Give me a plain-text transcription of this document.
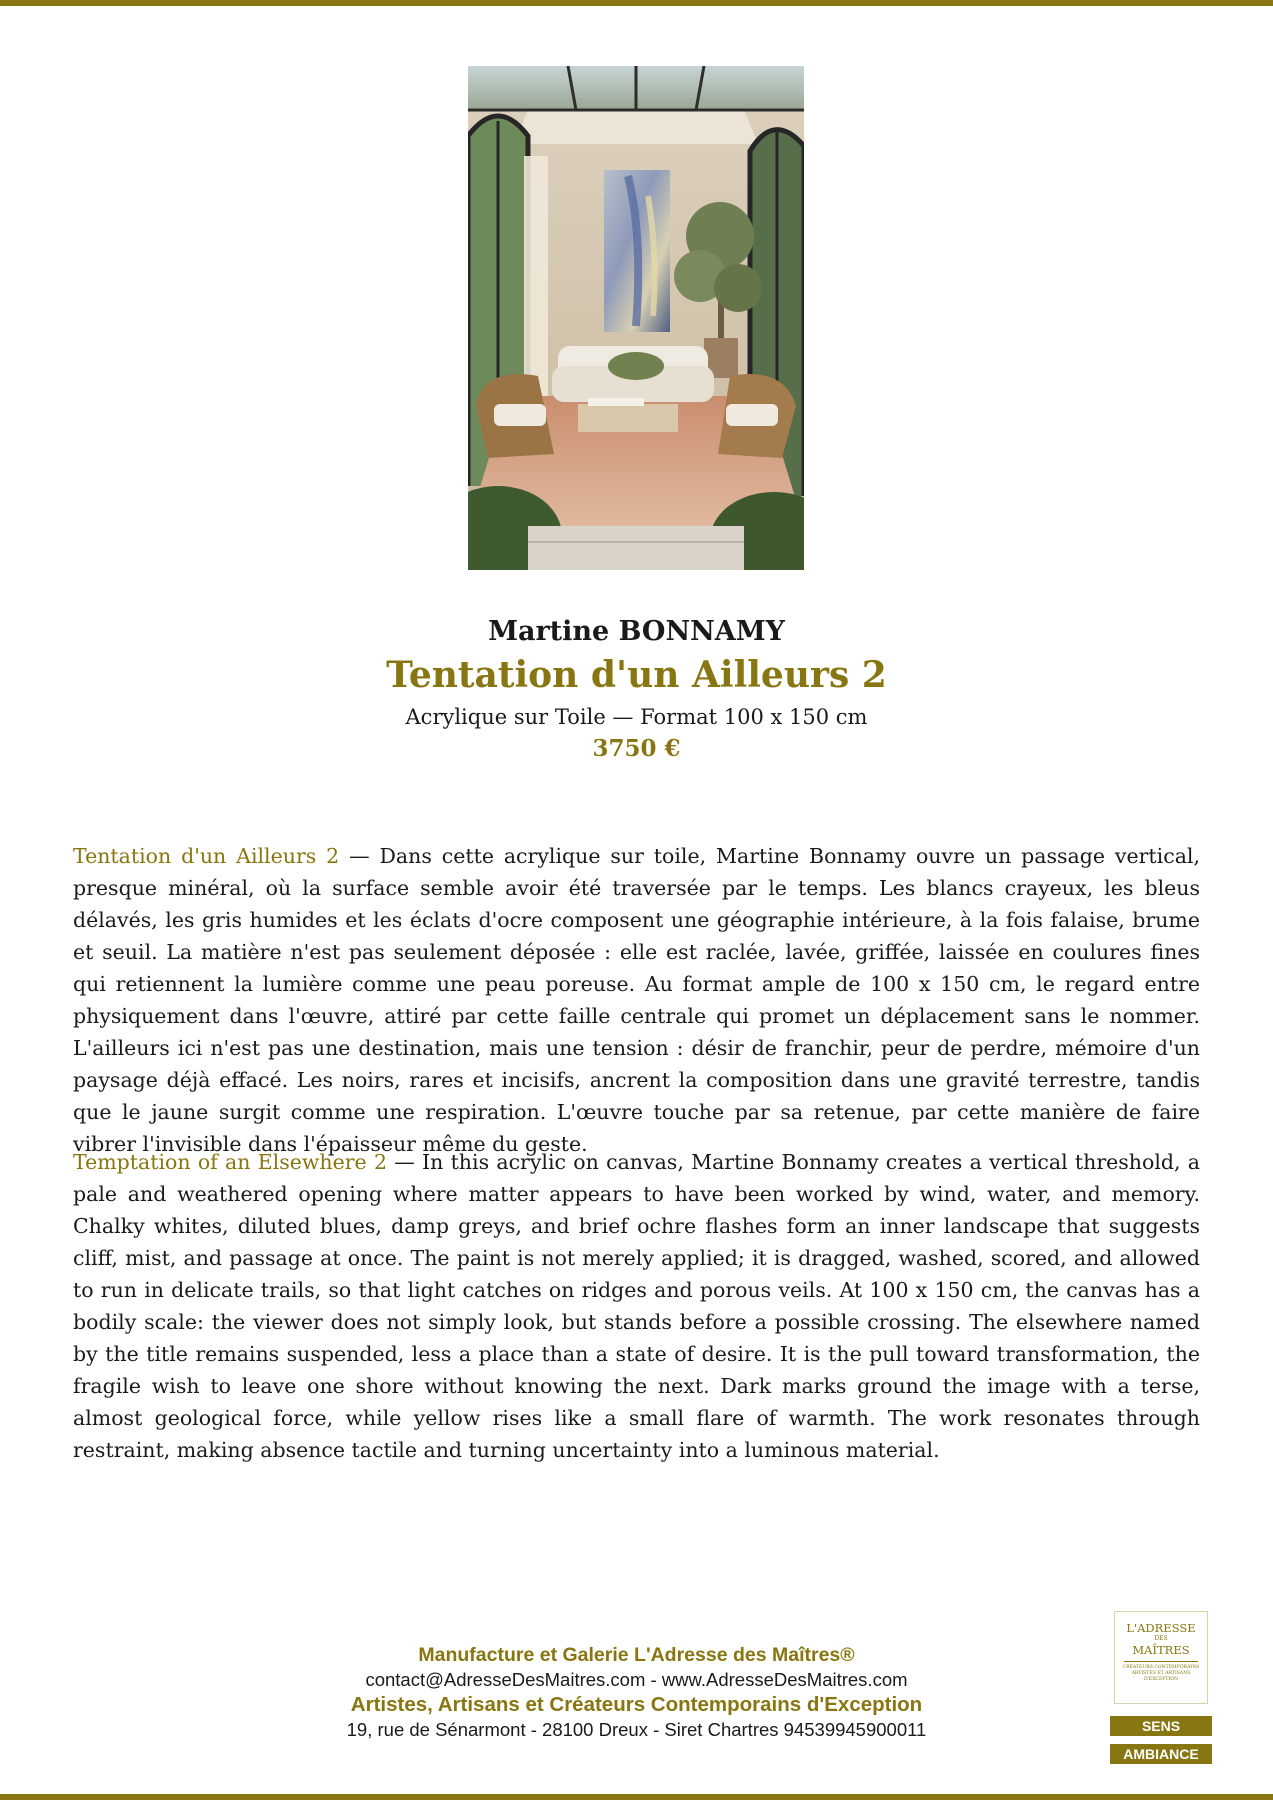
Martine BONNAMY
Tentation d'un Ailleurs 2
Acrylique sur Toile — Format 100 x 150 cm
3750 €

Tentation d'un Ailleurs 2 — Dans cette acrylique sur toile, Martine Bonnamy ouvre un passage vertical, presque minéral, où la surface semble avoir été traversée par le temps. Les blancs crayeux, les bleus délavés, les gris humides et les éclats d'ocre composent une géographie intérieure, à la fois falaise, brume et seuil. La matière n'est pas seulement déposée : elle est raclée, lavée, griffée, laissée en coulures fines qui retiennent la lumière comme une peau poreuse. Au format ample de 100 x 150 cm, le regard entre physiquement dans l'œuvre, attiré par cette faille centrale qui promet un déplacement sans le nommer. L'ailleurs ici n'est pas une destination, mais une tension : désir de franchir, peur de perdre, mémoire d'un paysage déjà effacé. Les noirs, rares et incisifs, ancrent la composition dans une gravité terrestre, tandis que le jaune surgit comme une respiration. L'œuvre touche par sa retenue, par cette manière de faire vibrer l'invisible dans l'épaisseur même du geste.

Temptation of an Elsewhere 2 — In this acrylic on canvas, Martine Bonnamy creates a vertical threshold, a pale and weathered opening where matter appears to have been worked by wind, water, and memory. Chalky whites, diluted blues, damp greys, and brief ochre flashes form an inner landscape that suggests cliff, mist, and passage at once. The paint is not merely applied; it is dragged, washed, scored, and allowed to run in delicate trails, so that light catches on ridges and porous veils. At 100 x 150 cm, the canvas has a bodily scale: the viewer does not simply look, but stands before a possible crossing. The elsewhere named by the title remains suspended, less a place than a state of desire. It is the pull toward transformation, the fragile wish to leave one shore without knowing the next. Dark marks ground the image with a terse, almost geological force, while yellow rises like a small flare of warmth. The work resonates through restraint, making absence tactile and turning uncertainty into a luminous material.

Manufacture et Galerie L'Adresse des Maîtres®
contact@AdresseDesMaitres.com - www.AdresseDesMaitres.com
Artistes, Artisans et Créateurs Contemporains d'Exception
19, rue de Sénarmont - 28100 Dreux - Siret Chartres 94539945900011
L'ADRESSE
DES
MAÎTRES
CRÉATEURS CONTEMPORAINS ARTISTES ET ARTISANS D'EXCEPTION
SENS
AMBIANCE
